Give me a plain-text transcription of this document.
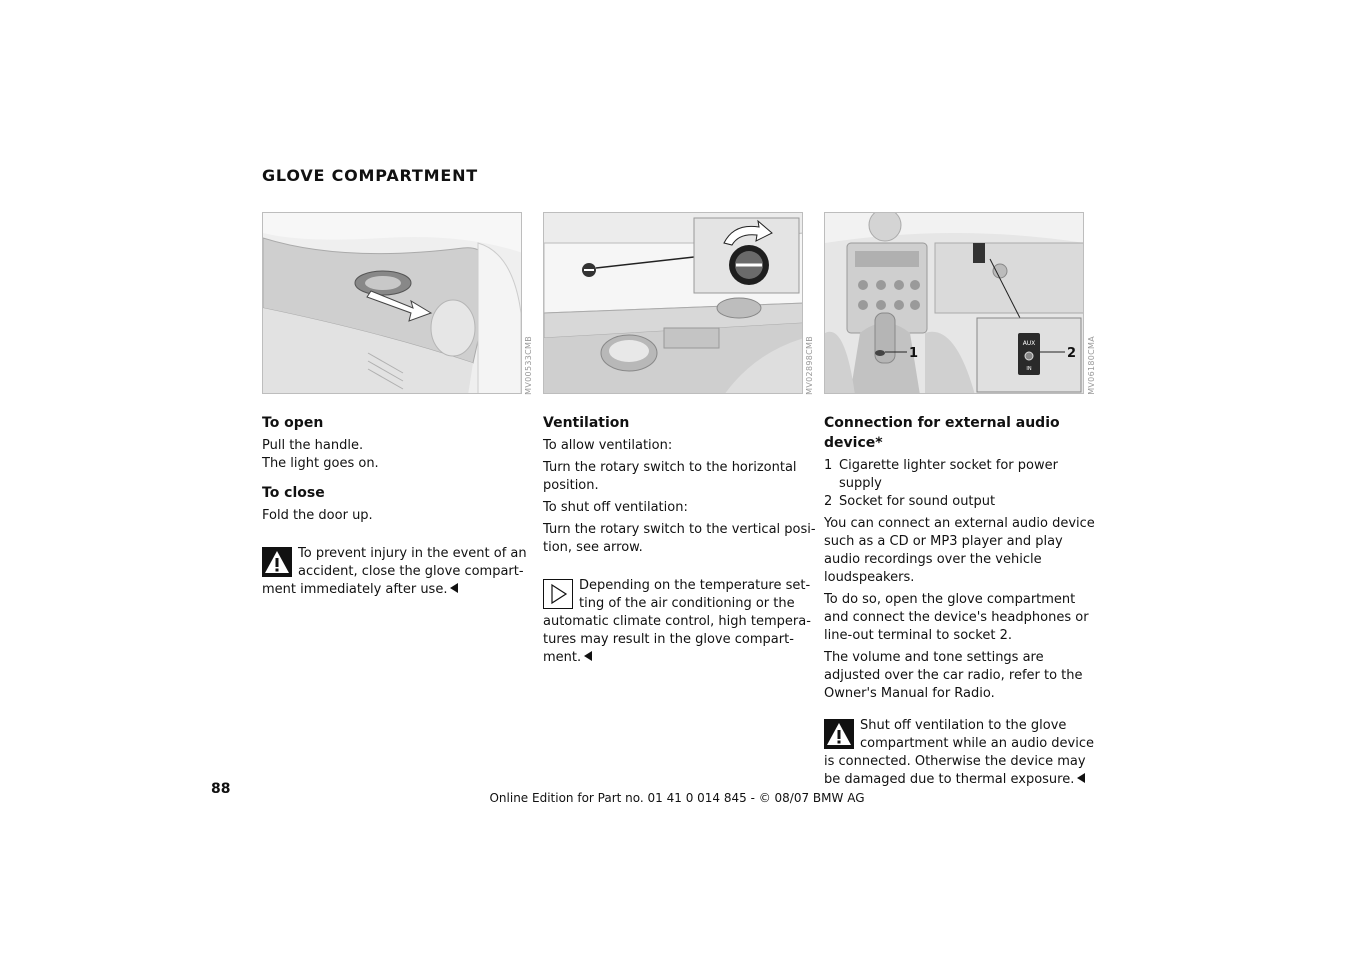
GLOVE COMPARTMENT
MV00533CMB	MV02898CMB	1
AUX
IN
2 MV06180CMA
To open
Pull the handle.
The light goes on.
To close
Fold the door up.
To prevent injury in the event of an accident, close the glove compartment immediately after use.
Ventilation

To allow ventilation:

Turn the rotary switch to the horizontal position.

To shut off ventilation:

Turn the rotary switch to the vertical position, see arrow.

Depending on the temperature setting of the air conditioning or the automatic climate control, high temperatures may result in the glove compartment.
Connection for external audio device*
1 Cigarette lighter socket for power supply
2 Socket for sound output

You can connect an external audio device such as a CD or MP3 player and play audio recordings over the vehicle loudspeakers.

To do so, open the glove compartment and connect the device's headphones or line-out terminal to socket 2.

The volume and tone settings are adjusted over the car radio, refer to the Owner's Manual for Radio.

Shut off ventilation to the glove compartment while an audio device is connected. Otherwise the device may be damaged due to thermal exposure.
88
Online Edition for Part no. 01 41 0 014 845 - © 08/07 BMW AG
